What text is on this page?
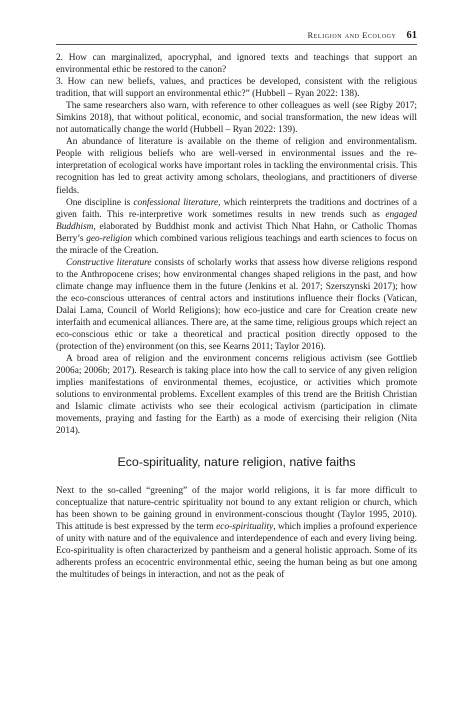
Religion and Ecology 61

2. How can marginalized, apocryphal, and ignored texts and teachings that support an environmental ethic be restored to the canon?

3. How can new beliefs, values, and practices be developed, consistent with the religious tradition, that will support an environmental ethic?” (Hubbell – Ryan 2022: 138).

The same researchers also warn, with reference to other colleagues as well (see Rigby 2017; Simkins 2018), that without political, economic, and social transformation, the new ideas will not automatically change the world (Hubbell – Ryan 2022: 139).

An abundance of literature is available on the theme of religion and environmentalism. People with religious beliefs who are well-versed in environmental issues and the re-interpretation of ecological works have important roles in tackling the environmental crisis. This recognition has led to great activity among scholars, theologians, and practitioners of diverse fields.

One discipline is confessional literature, which reinterprets the traditions and doctrines of a given faith. This re-interpretive work sometimes results in new trends such as engaged Buddhism, elaborated by Buddhist monk and activist Thich Nhat Hahn, or Catholic Thomas Berry’s geo-religion which combined various religious teachings and earth sciences to focus on the miracle of the Creation.

Constructive literature consists of scholarly works that assess how diverse religions respond to the Anthropocene crises; how environmental changes shaped religions in the past, and how climate change may influence them in the future (Jenkins et al. 2017; Szerszynski 2017); how the eco-conscious utterances of central actors and institutions influence their flocks (Vatican, Dalai Lama, Council of World Religions); how eco-justice and care for Creation create new interfaith and ecumenical alliances. There are, at the same time, religious groups which reject an eco-conscious ethic or take a theoretical and practical position directly opposed to the (protection of the) environment (on this, see Kearns 2011; Taylor 2016).

A broad area of religion and the environment concerns religious activism (see Gottlieb 2006a; 2006b; 2017). Research is taking place into how the call to service of any given religion implies manifestations of environmental themes, ecojustice, or activities which promote solutions to environmental problems. Excellent examples of this trend are the British Christian and Islamic climate activists who see their ecological activism (participation in climate movements, praying and fasting for the Earth) as a mode of exercising their religion (Nita 2014).

Eco-spirituality, nature religion, native faiths

Next to the so-called “greening” of the major world religions, it is far more difficult to conceptualize that nature-centric spirituality not bound to any extant religion or church, which has been shown to be gaining ground in environment-conscious thought (Taylor 1995, 2010). This attitude is best expressed by the term eco-spirituality, which implies a profound experience of unity with nature and of the equivalence and interdependence of each and every living being. Eco-spirituality is often characterized by pantheism and a general holistic approach. Some of its adherents profess an ecocentric environmental ethic, seeing the human being as but one among the multitudes of beings in interaction, and not as the peak of
